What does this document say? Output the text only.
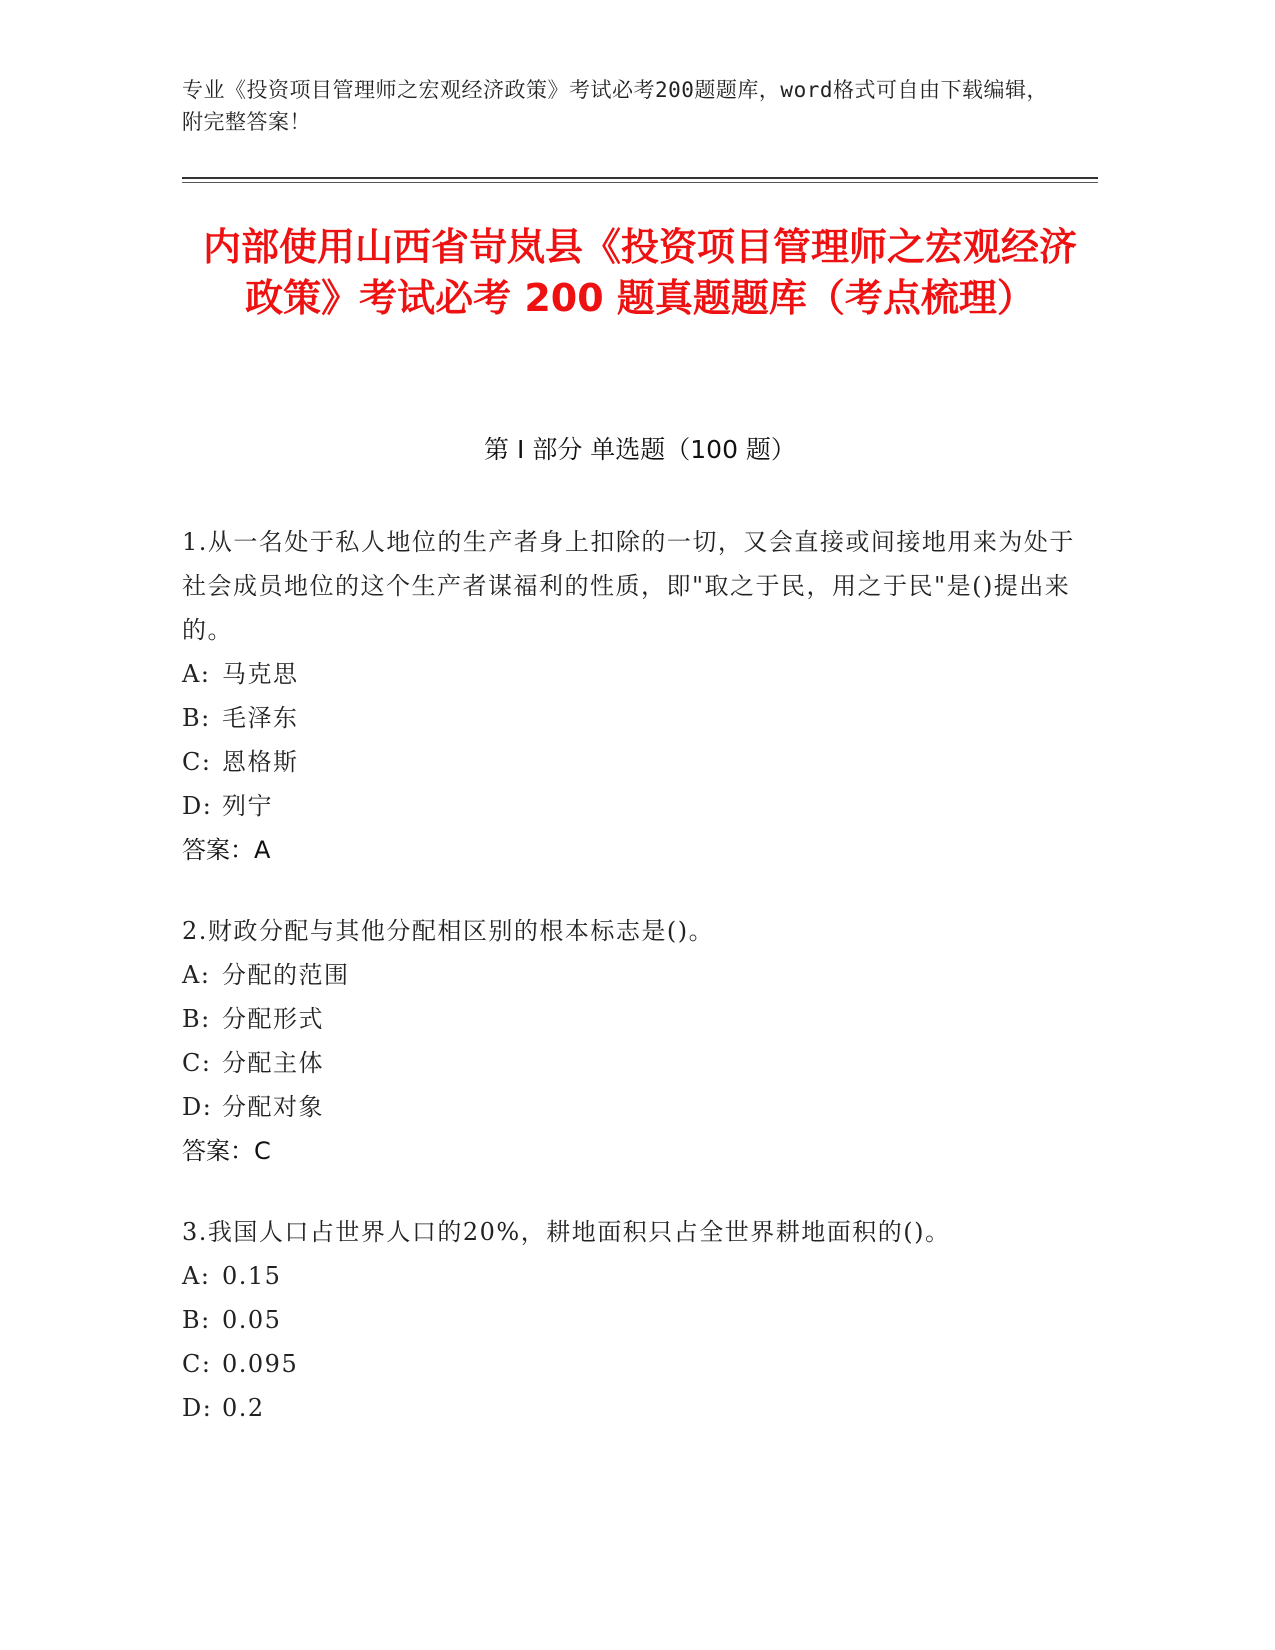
专业《投资项目管理师之宏观经济政策》考试必考200题题库，word格式可自由下载编辑，附完整答案！
内部使用山西省岢岚县《投资项目管理师之宏观经济政策》考试必考 200 题真题题库（考点梳理）
第 I 部分 单选题（100 题）
1.从一名处于私人地位的生产者身上扣除的一切，又会直接或间接地用来为处于社会成员地位的这个生产者谋福利的性质，即"取之于民，用之于民"是()提出来的。
A: 马克思
B: 毛泽东
C: 恩格斯
D: 列宁
答案：A
2.财政分配与其他分配相区别的根本标志是()。
A: 分配的范围
B: 分配形式
C: 分配主体
D: 分配对象
答案：C
3.我国人口占世界人口的20%，耕地面积只占全世界耕地面积的()。
A: 0.15
B: 0.05
C: 0.095
D: 0.2
